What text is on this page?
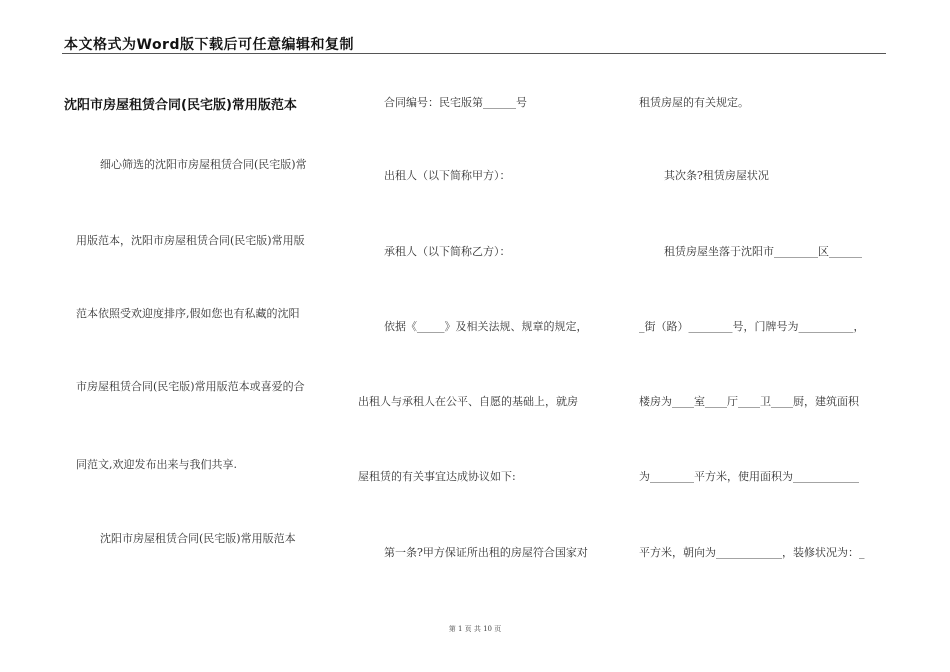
本文格式为Word版下载后可任意编辑和复制
沈阳市房屋租赁合同(民宅版)常用版范本
细心筛选的沈阳市房屋租赁合同(民宅版)常
用版范本，沈阳市房屋租赁合同(民宅版)常用版
范本依照受欢迎度排序,假如您也有私藏的沈阳
市房屋租赁合同(民宅版)常用版范本或喜爱的合
同范文,欢迎发布出来与我们共享.
沈阳市房屋租赁合同(民宅版)常用版范本
合同编号：民宅版第______号
出租人（以下简称甲方）：
承租人（以下简称乙方）：
依据《_____》及相关法规、规章的规定，
出租人与承租人在公平、自愿的基础上，就房
屋租赁的有关事宜达成协议如下:
第一条?甲方保证所出租的房屋符合国家对
租赁房屋的有关规定。
其次条?租赁房屋状况
租赁房屋坐落于沈阳市________区______
_街（路）________号，门牌号为__________，
楼房为____室____厅____卫____厨，建筑面积
为________平方米，使用面积为____________
平方米，朝向为____________，装修状况为：_
第 1 页 共 10 页
